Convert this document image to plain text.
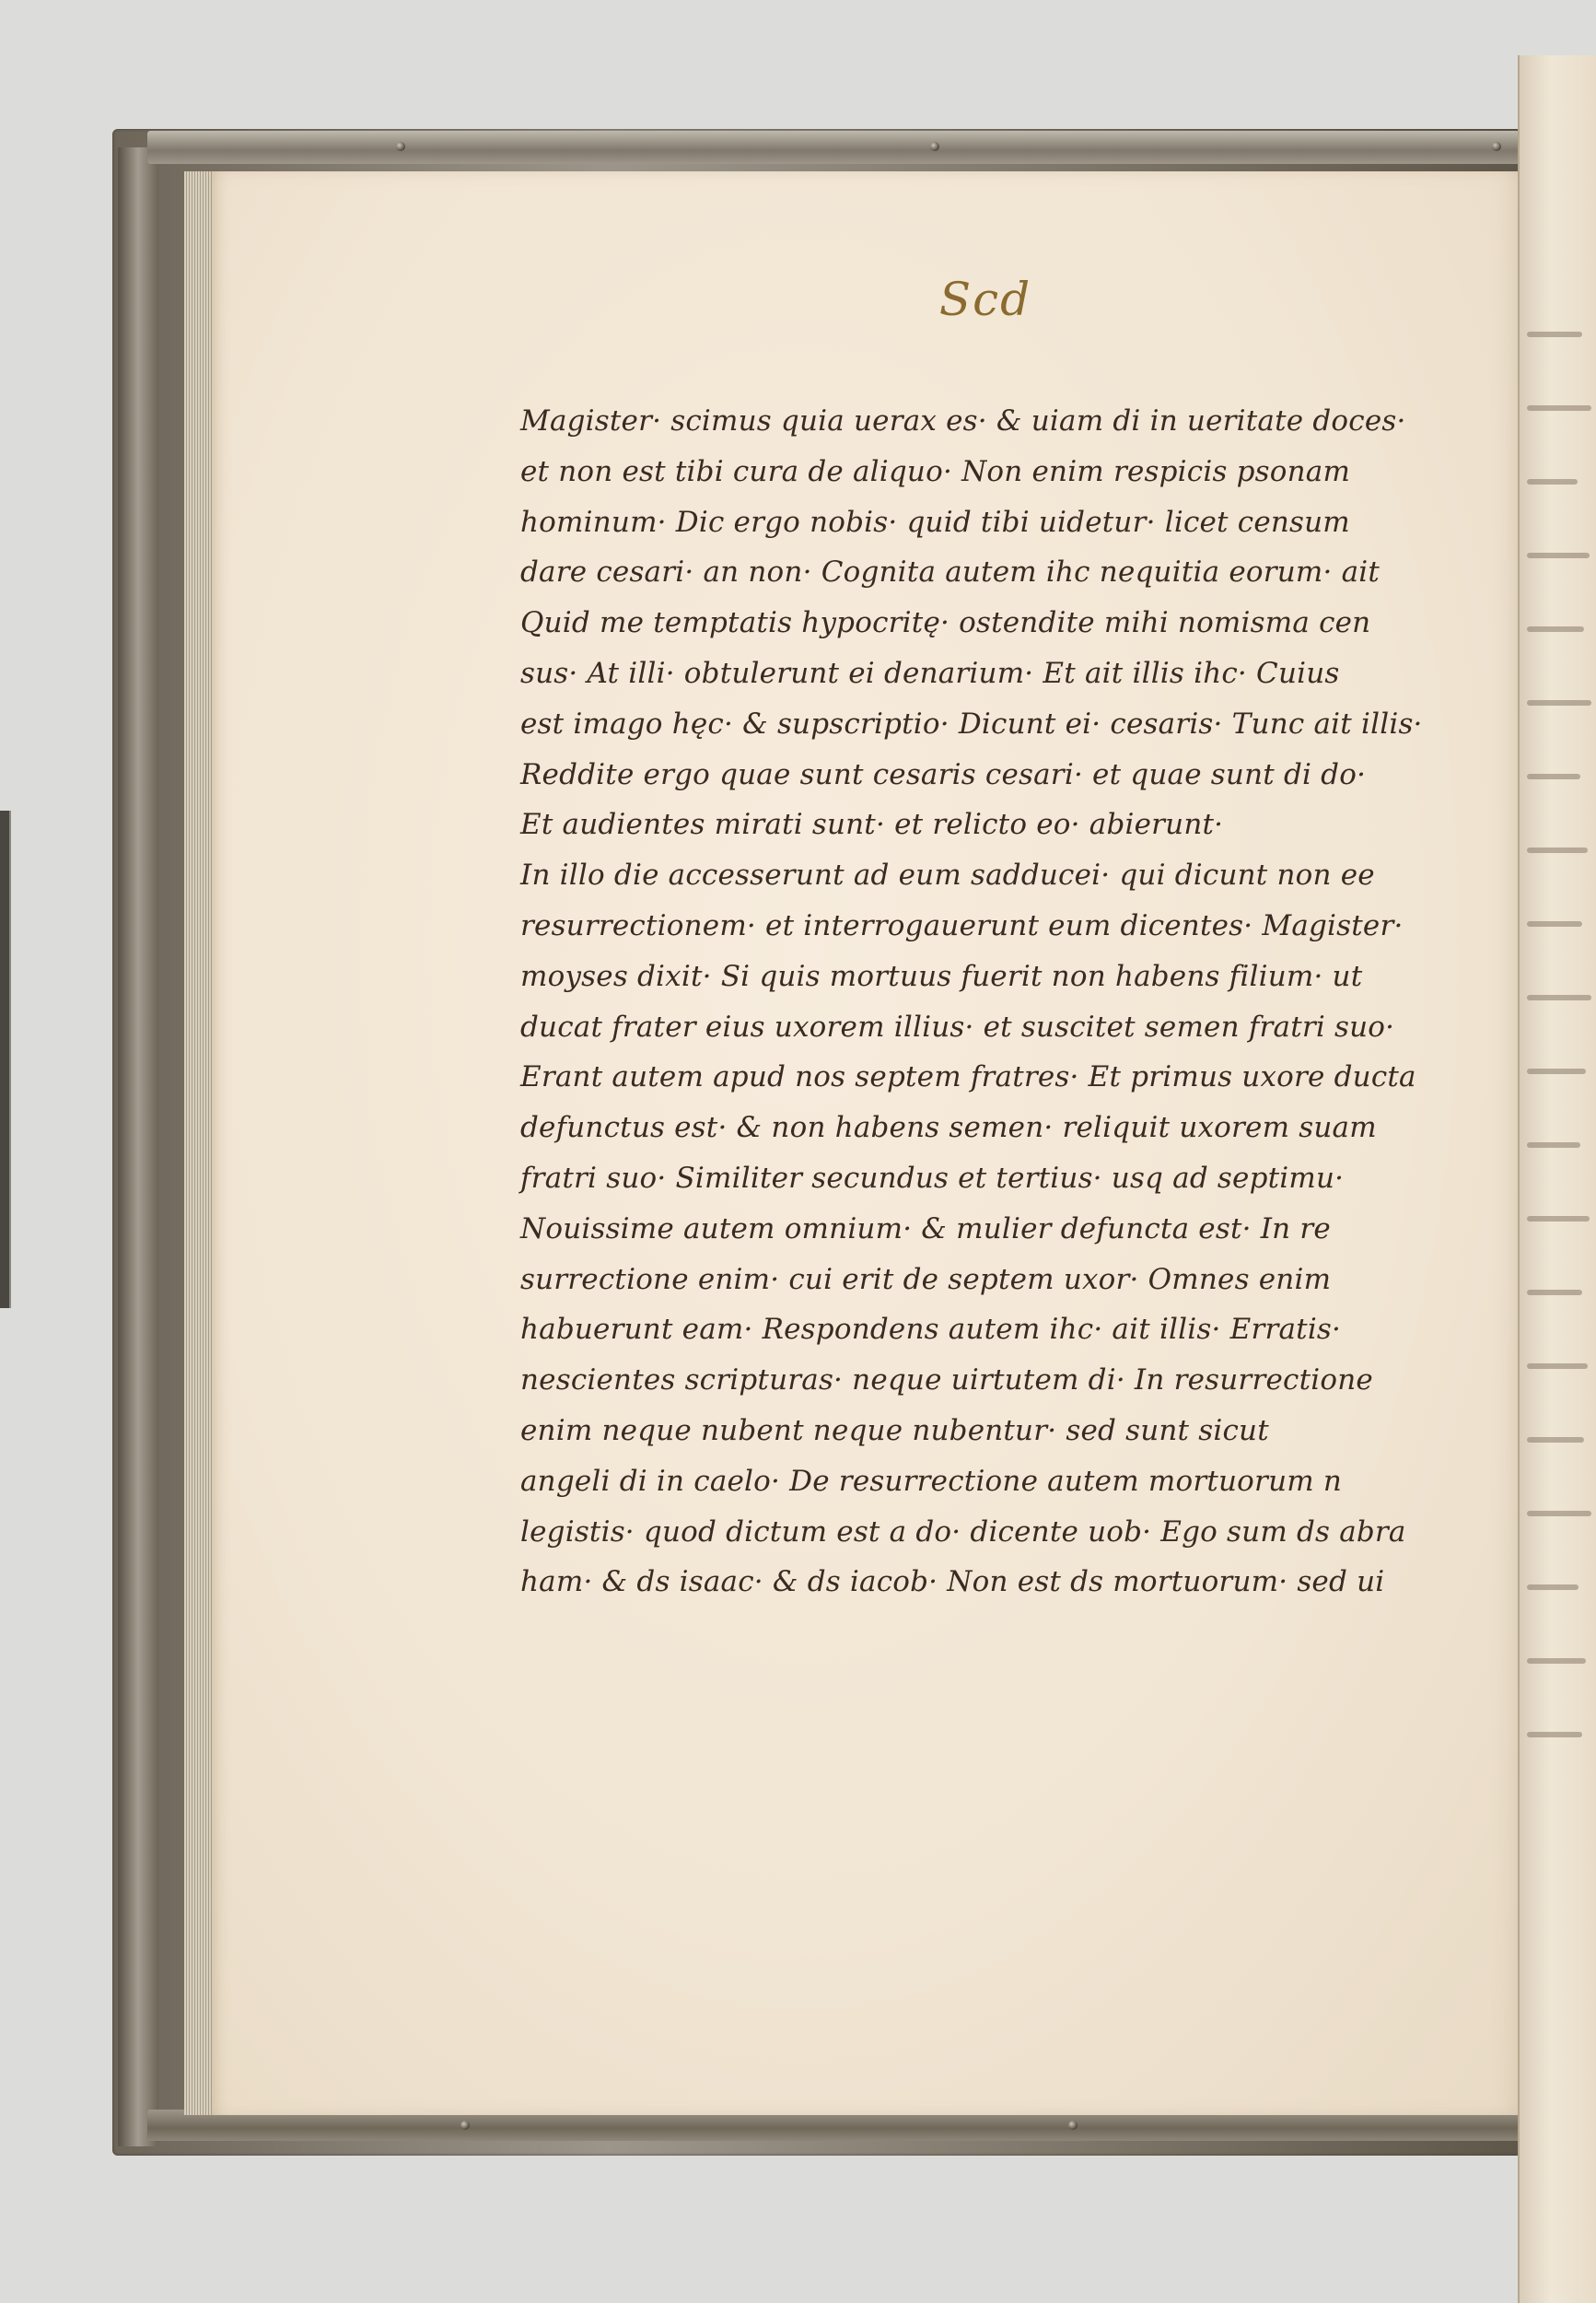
Scd
Magister· scimus quia uerax es· & uiam di in ueritate doces·
et non est tibi cura de aliquo· Non enim respicis psonam
hominum· Dic ergo nobis· quid tibi uidetur· licet censum
dare cesari· an non· Cognita autem ihc nequitia eorum· ait
Quid me temptatis hypocritę· ostendite mihi nomisma cen
sus· At illi· obtulerunt ei denarium· Et ait illis ihc· Cuius
est imago hęc· & supscriptio· Dicunt ei· cesaris· Tunc ait illis·
Reddite ergo quae sunt cesaris cesari· et quae sunt di do·
Et audientes mirati sunt· et relicto eo· abierunt·
In illo die accesserunt ad eum sadducei· qui dicunt non ee
resurrectionem· et interrogauerunt eum dicentes· Magister·
moyses dixit· Si quis mortuus fuerit non habens filium· ut
ducat frater eius uxorem illius· et suscitet semen fratri suo·
Erant autem apud nos septem fratres· Et primus uxore ducta
defunctus est· & non habens semen· reliquit uxorem suam
fratri suo· Similiter secundus et tertius· usq ad septimu·
Nouissime autem omnium· & mulier defuncta est· In re
surrectione enim· cui erit de septem uxor· Omnes enim
habuerunt eam· Respondens autem ihc· ait illis· Erratis·
nescientes scripturas· neque uirtutem di· In resurrectione
enim neque nubent neque nubentur· sed sunt sicut
angeli di in caelo· De resurrectione autem mortuorum n
legistis· quod dictum est a do· dicente uob· Ego sum ds abra
ham· & ds isaac· & ds iacob· Non est ds mortuorum· sed ui
